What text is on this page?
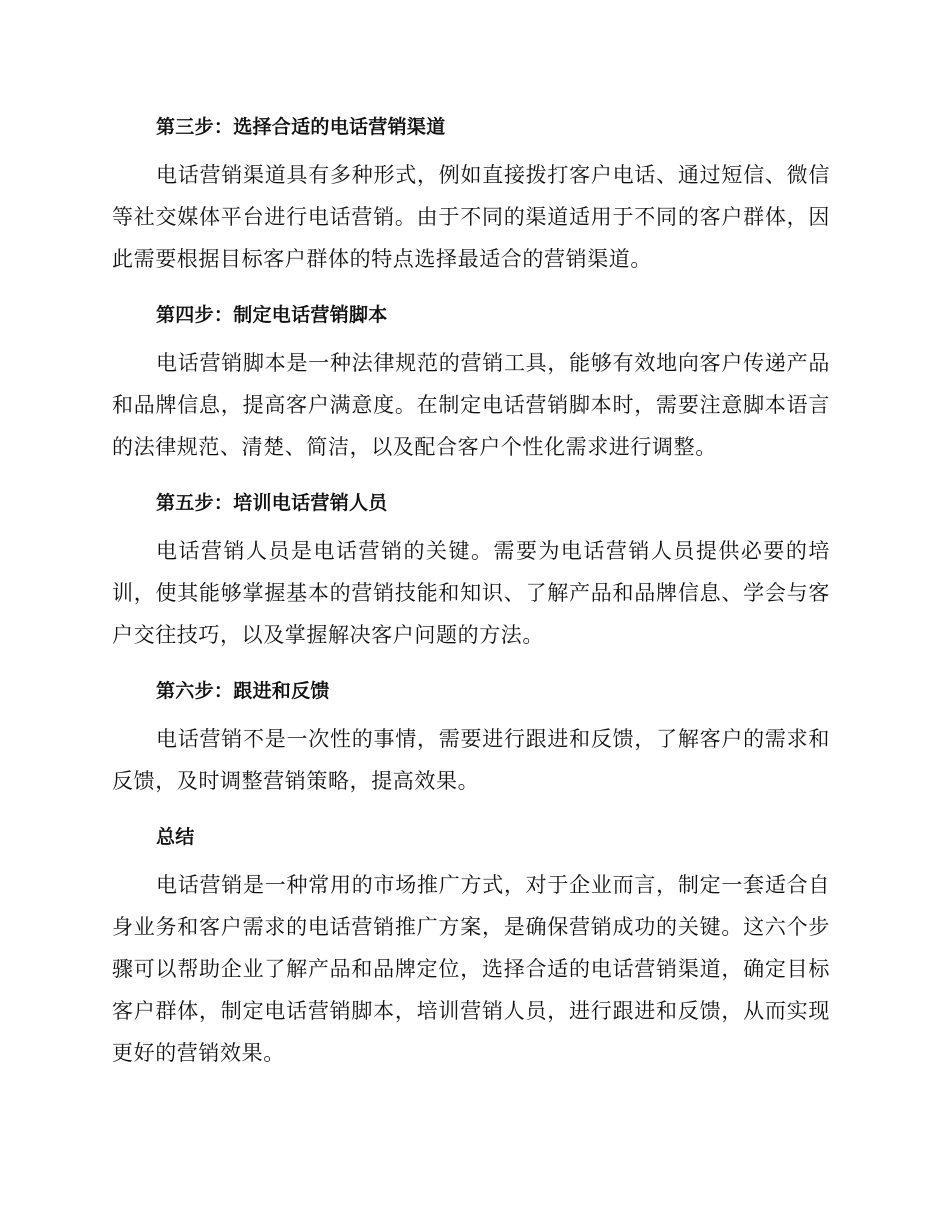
第三步：选择合适的电话营销渠道
电话营销渠道具有多种形式，例如直接拨打客户电话、通过短信、微信等社交媒体平台进行电话营销。由于不同的渠道适用于不同的客户群体，因此需要根据目标客户群体的特点选择最适合的营销渠道。
第四步：制定电话营销脚本
电话营销脚本是一种法律规范的营销工具，能够有效地向客户传递产品和品牌信息，提高客户满意度。在制定电话营销脚本时，需要注意脚本语言的法律规范、清楚、简洁，以及配合客户个性化需求进行调整。
第五步：培训电话营销人员
电话营销人员是电话营销的关键。需要为电话营销人员提供必要的培训，使其能够掌握基本的营销技能和知识、了解产品和品牌信息、学会与客户交往技巧，以及掌握解决客户问题的方法。
第六步：跟进和反馈
电话营销不是一次性的事情，需要进行跟进和反馈，了解客户的需求和反馈，及时调整营销策略，提高效果。
总结
电话营销是一种常用的市场推广方式，对于企业而言，制定一套适合自身业务和客户需求的电话营销推广方案，是确保营销成功的关键。这六个步骤可以帮助企业了解产品和品牌定位，选择合适的电话营销渠道，确定目标客户群体，制定电话营销脚本，培训营销人员，进行跟进和反馈，从而实现更好的营销效果。
